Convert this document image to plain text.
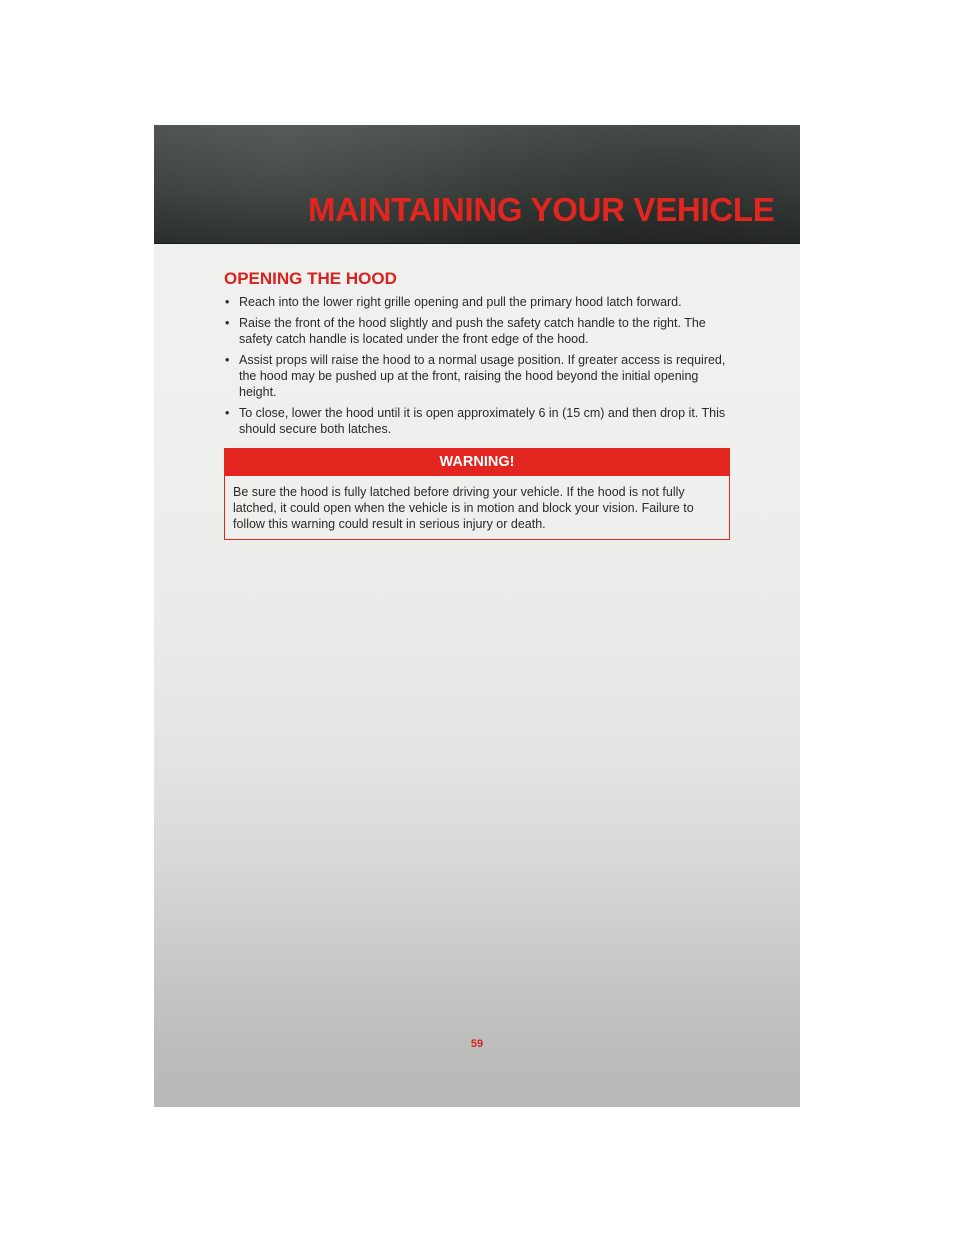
MAINTAINING YOUR VEHICLE
OPENING THE HOOD
• Reach into the lower right grille opening and pull the primary hood latch forward.
• Raise the front of the hood slightly and push the safety catch handle to the right. The safety catch handle is located under the front edge of the hood.
• Assist props will raise the hood to a normal usage position. If greater access is required, the hood may be pushed up at the front, raising the hood beyond the initial opening height.
• To close, lower the hood until it is open approximately 6 in (15 cm) and then drop it. This should secure both latches.
WARNING!
Be sure the hood is fully latched before driving your vehicle. If the hood is not fully latched, it could open when the vehicle is in motion and block your vision. Failure to follow this warning could result in serious injury or death.
59
